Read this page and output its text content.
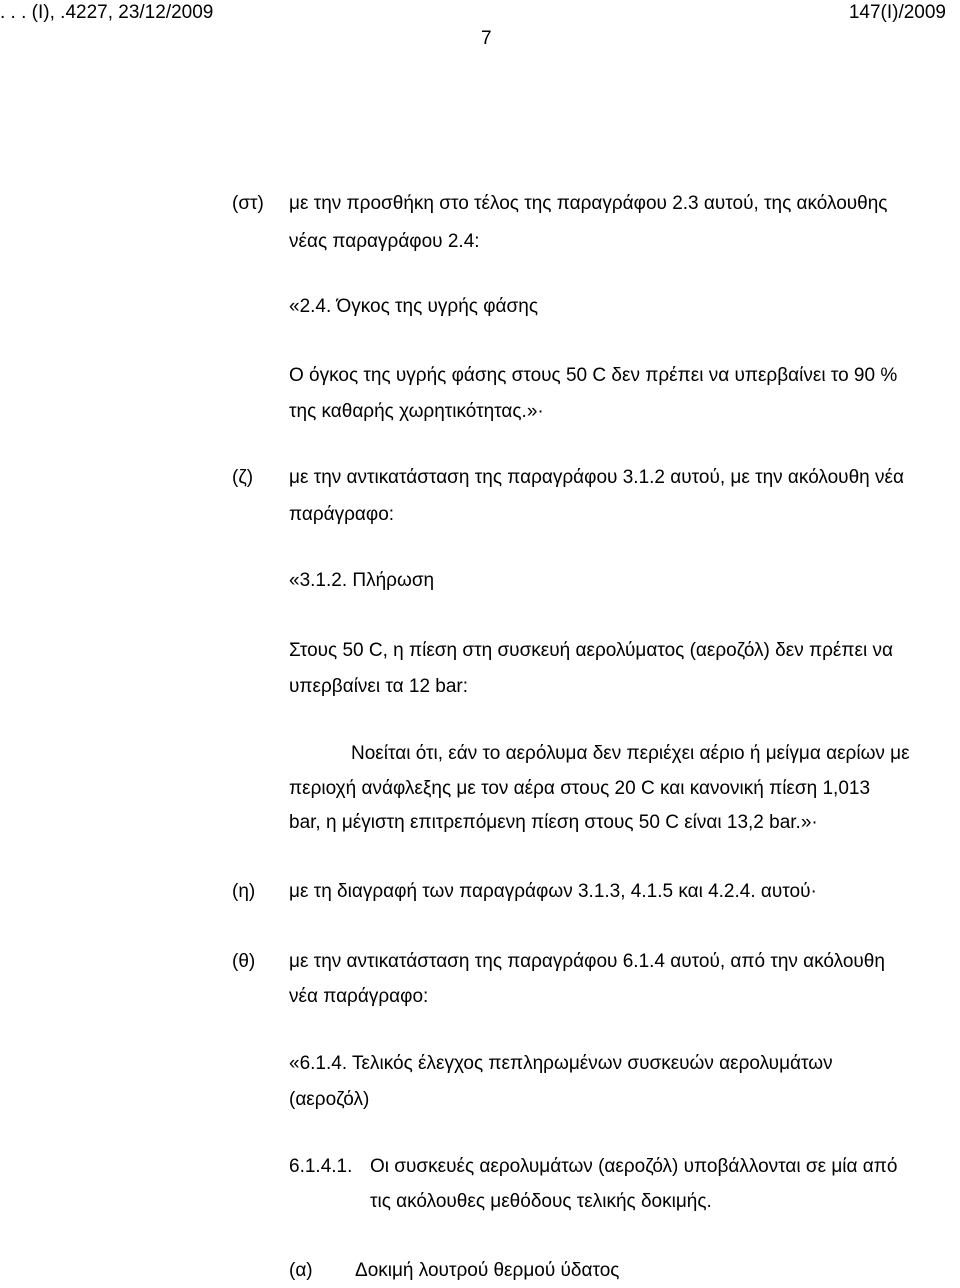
. . . (Ι), .4227, 23/12/2009	147(Ι)/2009
7
(στ) με την προσθήκη στο τέλος της παραγράφου 2.3 αυτού, της ακόλουθης
νέας παραγράφου 2.4:
«2.4. Όγκος της υγρής φάσης
Ο όγκος της υγρής φάσης στους 50 C δεν πρέπει να υπερβαίνει το 90 %
της καθαρής χωρητικότητας.»·
(ζ) με την αντικατάσταση της παραγράφου 3.1.2 αυτού, με την ακόλουθη νέα
παράγραφο:
«3.1.2. Πλήρωση
Στους 50 C, η πίεση στη συσκευή αερολύματος (αεροζόλ) δεν πρέπει να
υπερβαίνει τα 12 bar:
Νοείται ότι, εάν το αερόλυμα δεν περιέχει αέριο ή μείγμα αερίων με
περιοχή ανάφλεξης με τον αέρα στους 20 C και κανονική πίεση 1,013
bar, η μέγιστη επιτρεπόμενη πίεση στους 50 C είναι 13,2 bar.»·
(η) με τη διαγραφή των παραγράφων 3.1.3, 4.1.5 και 4.2.4. αυτού·
(θ) με την αντικατάσταση της παραγράφου 6.1.4 αυτού, από την ακόλουθη
νέα παράγραφο:
«6.1.4. Τελικός έλεγχος πεπληρωμένων συσκευών αερολυμάτων
(αεροζόλ)
6.1.4.1. Οι συσκευές αερολυμάτων (αεροζόλ) υποβάλλονται σε μία από
τις ακόλουθες μεθόδους τελικής δοκιμής.
(α) Δοκιμή λουτρού θερμού ύδατος
